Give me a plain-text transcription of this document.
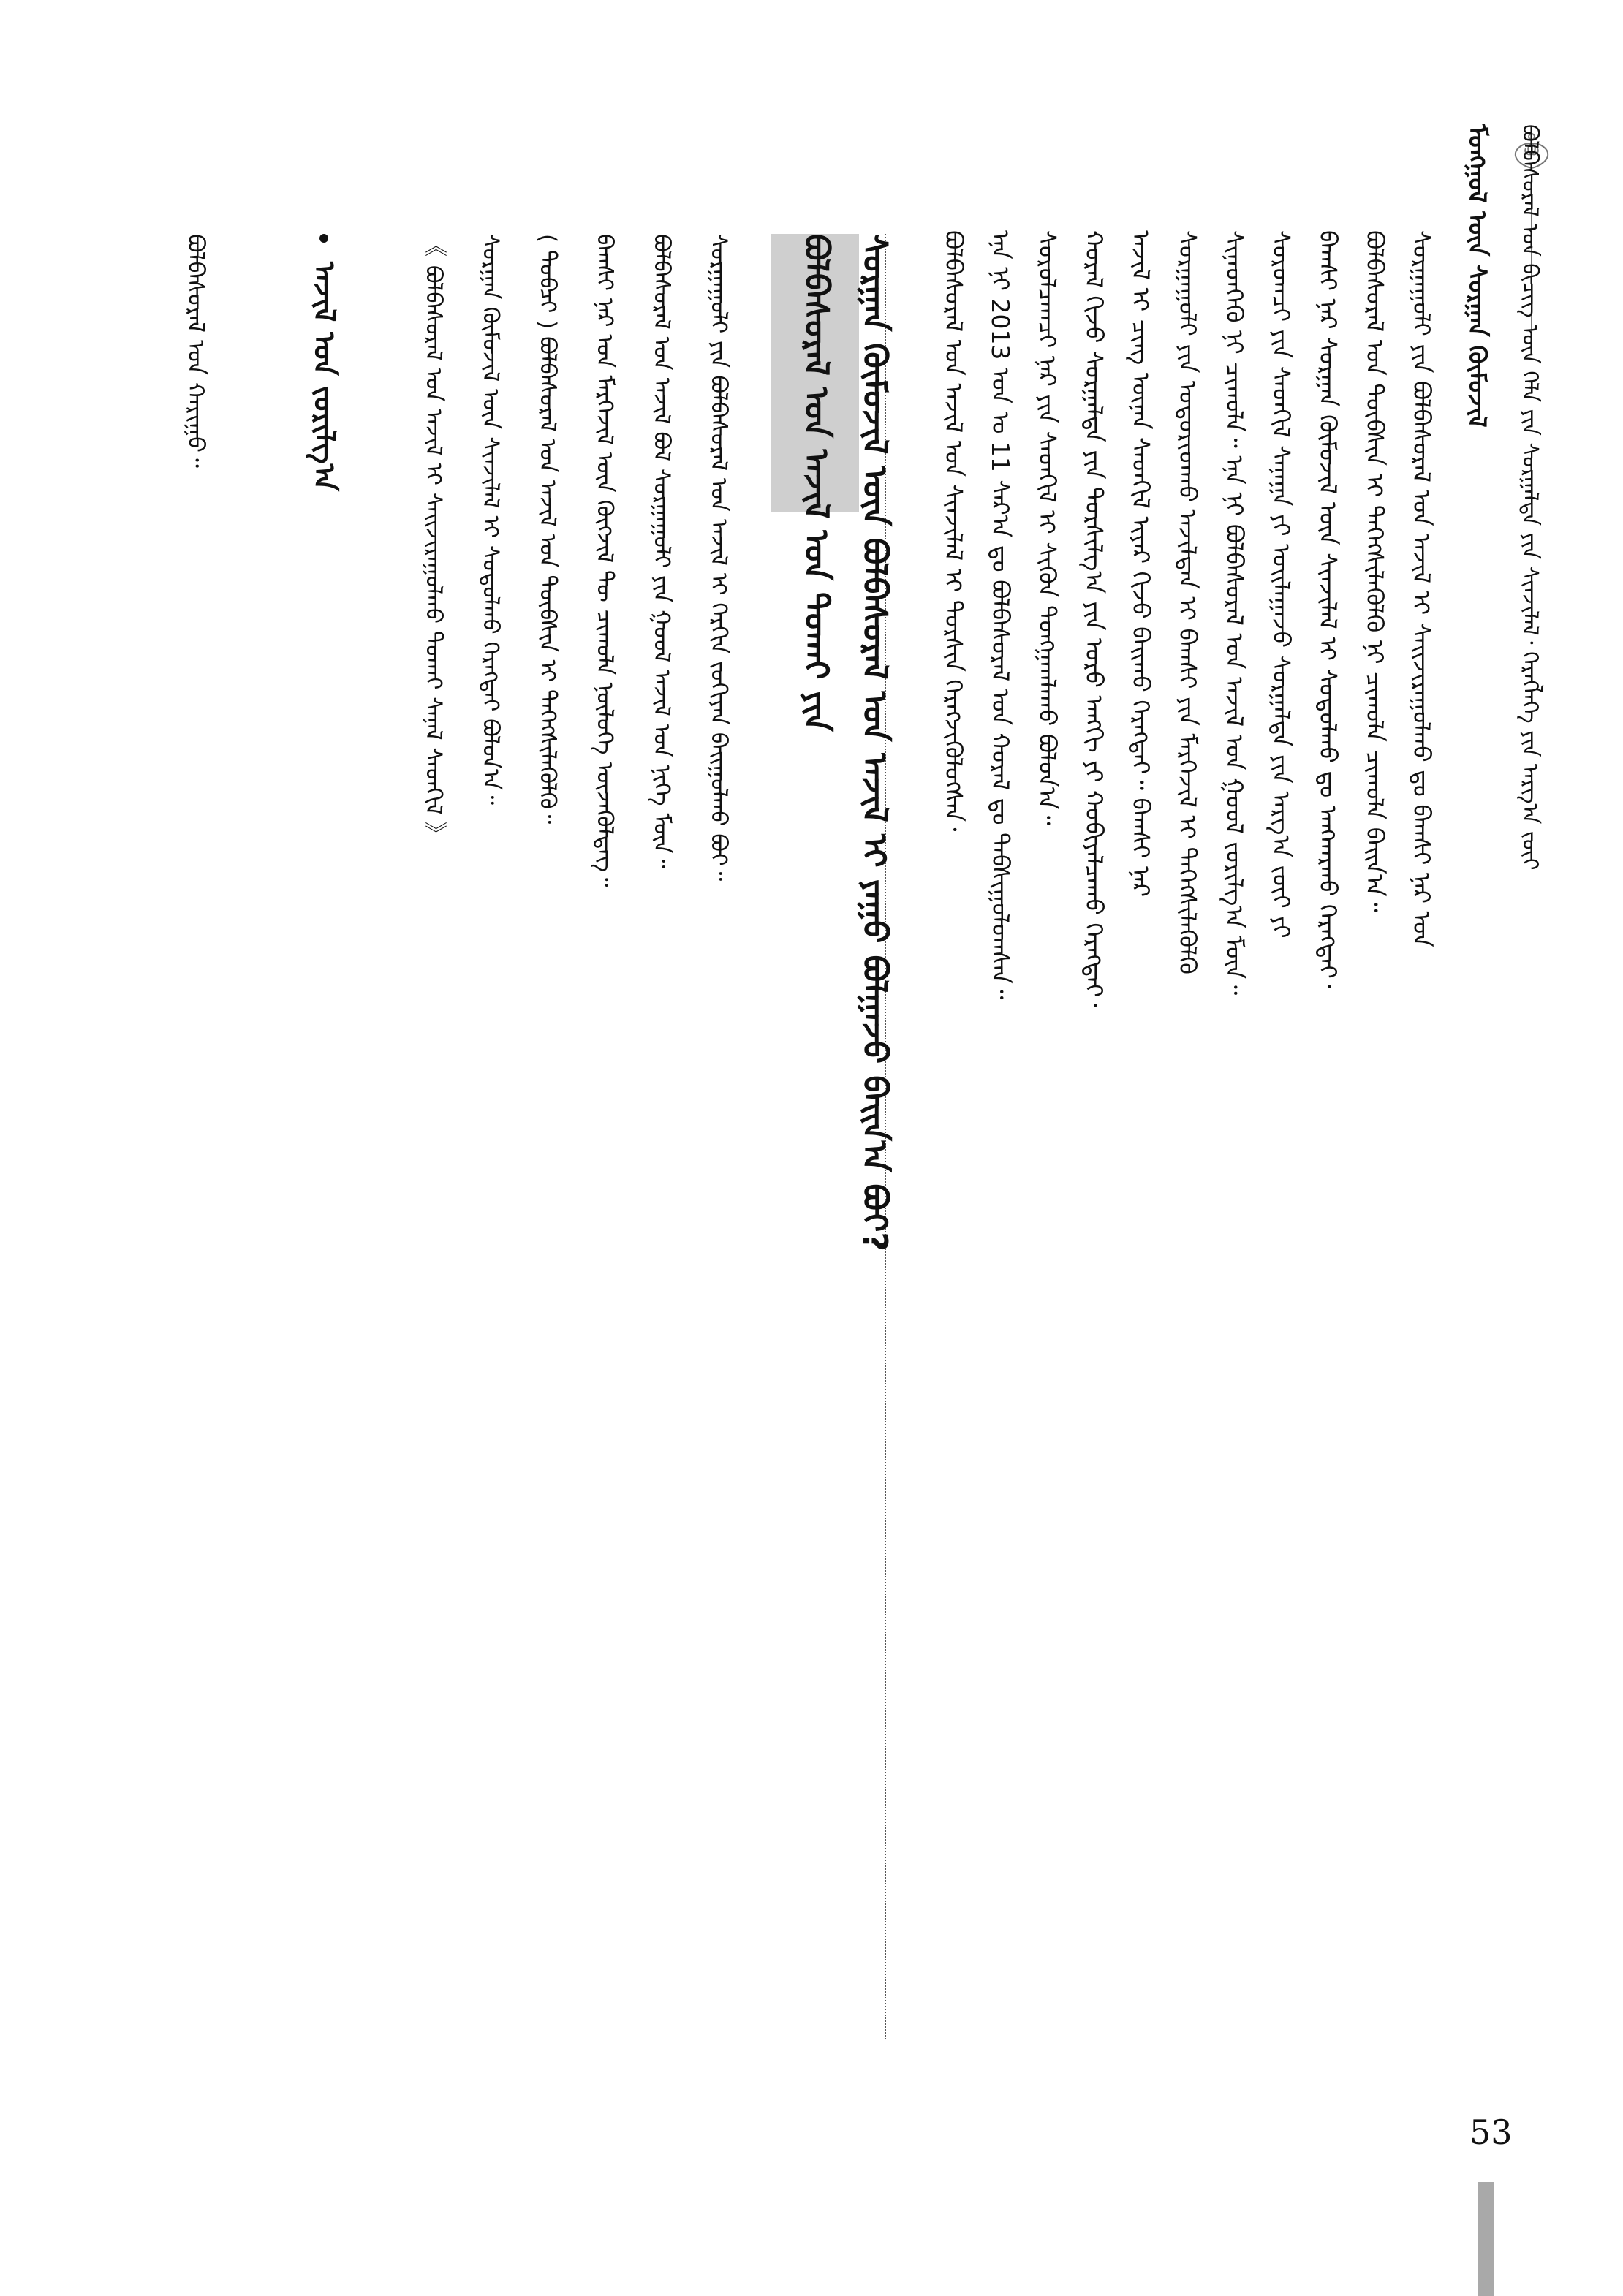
ᠮᠣᠩᠭᠣᠯ ᠦᠨ ᠰᠤᠷᠭᠠᠨ ᠬᠦᠮᠦᠵᠢᠯ	ᠪᠣᠯᠪᠠᠰᠤᠷᠠᠯ ᠤᠨ ᠪᠢᠴᠢᠭ᠌ ᠦᠨ ᠬᠡᠯᠡ ᠶᠢᠨ ᠰᠤᠷᠭᠠᠯᠲᠠ ᠶᠢᠨ ᠰᠢᠨᠵᠢᠯᠡᠯ᠂ ᠬᠡᠷᠡᠭᠯᠡᠭᠡ ᠶᠢᠨ ᠠᠷᠭ᠎ᠠ ᠵᠦᠢ
ᠰᠤᠷᠭᠠᠭᠤᠯᠢ ᠶᠢᠨ ᠪᠣᠯᠪᠠᠰᠤᠷᠠᠯ ᠤᠨ ᠠᠵᠢᠯ ᠢ ᠰᠠᠢᠵᠢᠷᠠᠭᠤᠯᠬᠤ ᠳᠤ ᠪᠠᠭᠰᠢ ᠨᠠᠷ ᠤᠨ
ᠪᠣᠯᠪᠠᠰᠤᠷᠠᠯ ᠤᠨ ᠲᠦᠪᠰᠢᠨ ᠢ ᠳᠡᠭᠡᠭᠰᠢᠯᠡᠭᠦᠯᠬᠦ ᠨᠢ ᠴᠢᠬᠤᠯᠠ ᠴᠢᠬᠤᠯᠠ ᠪᠠᠢᠨ᠎ᠠ᠃
ᠪᠠᠭᠰᠢ ᠨᠠᠷ ᠰᠤᠷᠭᠠᠨ ᠬᠦᠮᠦᠵᠢᠯ ᠦᠨ ᠰᠢᠨᠵᠢᠯᠡᠯ ᠢ ᠰᠤᠳᠤᠯᠬᠤ ᠳᠤ ᠠᠩᠬᠠᠷᠬᠤ ᠬᠡᠷᠡᠭᠲᠡᠢ᠂
ᠰᠤᠷᠤᠭᠴᠢ ᠶᠢᠨ ᠰᠡᠳᠬᠢᠯ ᠰᠠᠨᠠᠭᠠ ᠶᠢ ᠣᠢᠯᠠᠭᠠᠵᠤ ᠰᠤᠷᠭᠠᠯᠲᠠ ᠶᠢᠨ ᠠᠷᠭ᠎ᠠ ᠵᠦᠢ ᠶᠢ
ᠰᠢᠨᠡᠳᠬᠡᠬᠦ ᠨᠢ ᠴᠢᠬᠤᠯᠠ᠃ ᠡᠨᠡ ᠨᠢ ᠪᠣᠯᠪᠠᠰᠤᠷᠠᠯ ᠤᠨ ᠠᠵᠢᠯ ᠤᠨ ᠭᠣᠣᠯ ᠵᠣᠷᠢᠯᠭ᠎ᠠ ᠮᠥᠨ᠃
ᠰᠤᠷᠭᠠᠭᠤᠯᠢ ᠶᠢᠨ ᠤᠳᠤᠷᠢᠳᠬᠤ ᠠᠵᠢᠯᠲᠠᠨ ᠢ ᠪᠠᠭᠰᠢ ᠶᠢᠨ ᠮᠡᠷᠭᠡᠵᠢᠯ ᠢ ᠳᠡᠭᠡᠭᠰᠢᠯᠡᠭᠦᠯᠬᠦ
ᠠᠵᠢᠯ ᠢ ᠴᠢᠩ ᠦᠨᠡᠨ ᠰᠡᠳᠬᠢᠯ ᠢᠶᠡᠷ ᠬᠢᠵᠦ ᠪᠠᠢᠬᠤ ᠬᠡᠷᠡᠭᠲᠡᠢ᠃ ᠪᠠᠭᠰᠢ ᠨᠠᠷ
ᠬᠤᠷᠠᠯ ᠬᠢᠵᠦ ᠰᠤᠷᠭᠠᠯᠲᠠ ᠶᠢᠨ ᠲᠤᠷᠰᠢᠯᠭ᠎ᠠ ᠶᠢᠨ ᠤᠷᠤ ᠠᠩᠬᠢ ᠶᠢ ᠬᠤᠪᠢᠶᠠᠯᠴᠠᠬᠤ ᠬᠡᠷᠡᠭᠲᠡᠢ᠂
ᠰᠤᠷᠤᠯᠴᠠᠭᠴᠢ ᠨᠠᠷ ᠶᠢᠨ ᠰᠡᠳᠬᠢᠯ ᠢ ᠰᠢᠭᠦᠨ ᠲᠤᠩᠭᠠᠭᠯᠠᠬᠤ ᠪᠣᠯᠤᠨ᠎ᠠ᠃
ᠡᠨᠡ ᠨᠢ 2013 ᠣᠨ ᠤ 11 ᠰᠠᠷ᠎ᠠ ᠳᠤ ᠪᠣᠯᠪᠠᠰᠤᠷᠠᠯ ᠤᠨ ᠬᠤᠷᠠᠯ ᠳᠤ ᠳᠠᠪᠰᠢᠭᠤᠯᠤᠭᠰᠠᠨ᠃
ᠪᠣᠯᠪᠠᠰᠤᠷᠠᠯ ᠤᠨ ᠠᠵᠢᠯ ᠤᠨ ᠰᠢᠨᠵᠢᠯᠡᠯ ᠢ ᠲᠤᠷᠰᠢᠨ ᠬᠡᠷᠡᠭᠵᠢᠭᠦᠯᠦᠭᠰᠡᠨ᠂
ᠰᠤᠷᠭᠠᠨ ᠬᠦᠮᠦᠵᠢᠯ ᠦᠨ ᠪᠣᠯᠪᠠᠰᠤᠷᠠᠯ ᠤᠨ ᠠᠵᠢᠯ ᠢ ᠶᠠᠭᠤ ᠪᠣᠯᠭᠠᠵᠤ ᠪᠠᠢᠨ᠎ᠠ ᠪᠤᠢ?
ᠪᠣᠯᠪᠠᠰᠤᠷᠠᠯ ᠤᠨ ᠠᠵᠢᠯ ᠤᠨ ᠲᠤᠬᠠᠢ ᠶᠢᠨ
ᠰᠤᠷᠭᠠᠭᠤᠯᠢ ᠶᠢᠨ ᠪᠣᠯᠪᠠᠰᠤᠷᠠᠯ ᠤᠨ ᠠᠵᠢᠯ ᠢ ᠬᠡᠷᠬᠢᠨ ᠵᠣᠬᠢᠶᠠᠨ ᠪᠠᠢᠭᠤᠯᠬᠤ ᠪᠤᠢ᠃
ᠪᠣᠯᠪᠠᠰᠤᠷᠠᠯ ᠤᠨ ᠠᠵᠢᠯ ᠪᠣᠯ ᠰᠤᠷᠭᠠᠭᠤᠯᠢ ᠶᠢᠨ ᠭᠣᠣᠯ ᠠᠵᠢᠯ ᠤᠨ ᠨᠢᠭᠡ ᠮᠥᠨ᠃
ᠪᠠᠭᠰᠢ ᠨᠠᠷ ᠤᠨ ᠮᠡᠷᠭᠡᠵᠢᠯ ᠦᠨ ᠬᠥᠭᠵᠢᠯ ᠲᠦ ᠴᠢᠬᠤᠯᠠ ᠨᠥᠯᠦᠭᠡ ᠦᠵᠡᠭᠦᠯᠳᠡᠭ᠃
( ᠲᠣᠪᠴᠢ ) ᠪᠣᠯᠪᠠᠰᠤᠷᠠᠯ ᠤᠨ ᠠᠵᠢᠯ ᠤᠨ ᠲᠦᠪᠰᠢᠨ ᠢ ᠳᠡᠭᠡᠭᠰᠢᠯᠡᠭᠦᠯᠬᠦ᠃
ᠰᠤᠷᠭᠠᠨ ᠬᠦᠮᠦᠵᠢᠯ ᠦᠨ ᠰᠢᠨᠵᠢᠯᠡᠯ ᠢ ᠰᠤᠳᠤᠯᠬᠤ ᠬᠡᠷᠡᠭᠲᠡᠢ ᠪᠣᠯᠤᠨ᠎ᠠ᠃
《 ᠪᠣᠯᠪᠠᠰᠤᠷᠠᠯ ᠤᠨ ᠠᠵᠢᠯ ᠢ ᠰᠠᠢᠵᠢᠷᠠᠭᠤᠯᠬᠤ ᠲᠤᠬᠠᠢ ᠰᠠᠨᠠᠯ ᠰᠡᠳᠬᠢᠯ 》
ᠠᠵᠢᠯ ᠤᠨ ᠵᠣᠷᠢᠯᠭ᠎ᠠ
ᠪᠣᠯᠪᠠᠰᠤᠷᠠᠯ ᠤᠨ ᠬᠠᠷᠢᠭᠤ᠃
53
